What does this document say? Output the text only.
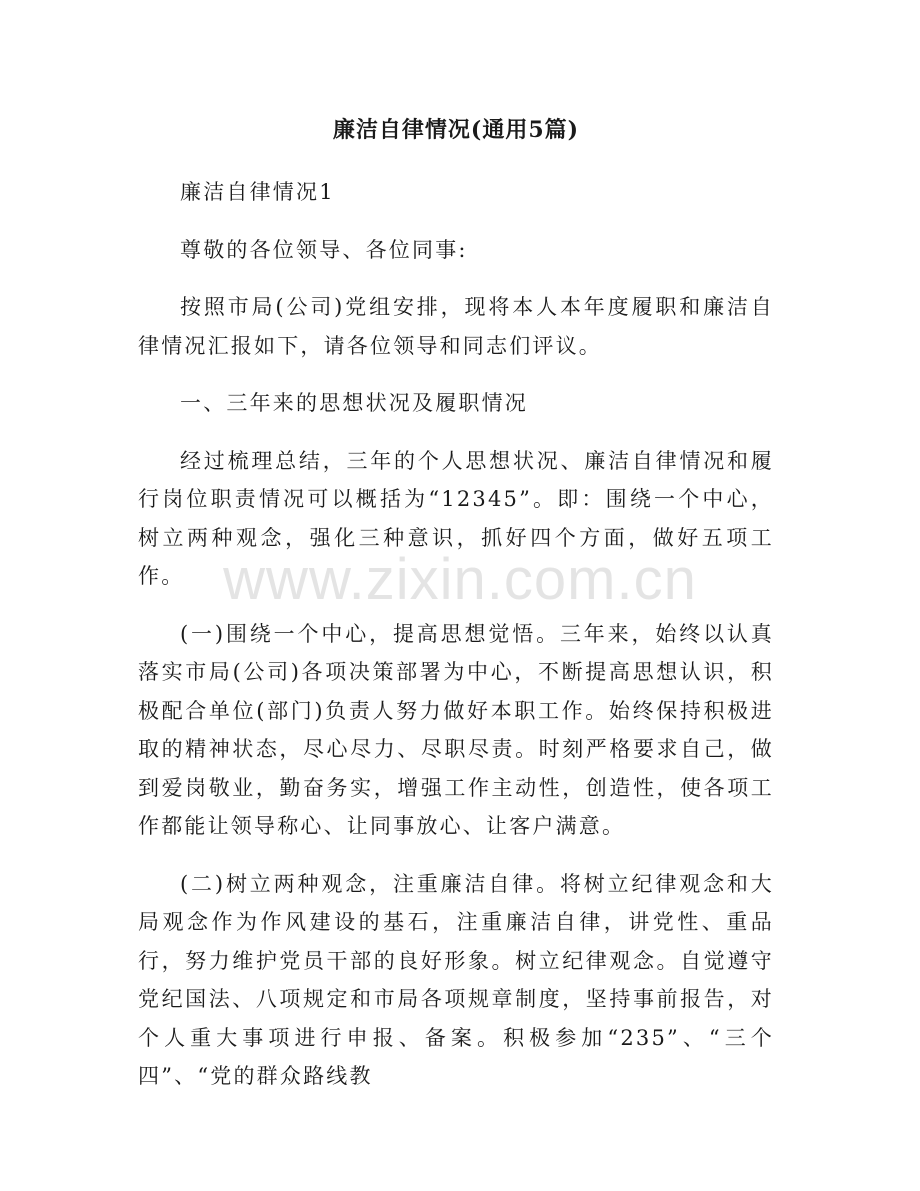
www.zixin.com.cn
廉洁自律情况(通用5篇)

廉洁自律情况1

尊敬的各位领导、各位同事:

按照市局(公司)党组安排，现将本人本年度履职和廉洁自律情况汇报如下，请各位领导和同志们评议。

一、三年来的思想状况及履职情况

经过梳理总结，三年的个人思想状况、廉洁自律情况和履行岗位职责情况可以概括为“12345”。即：围绕一个中心，树立两种观念，强化三种意识，抓好四个方面，做好五项工作。

(一)围绕一个中心，提高思想觉悟。三年来，始终以认真落实市局(公司)各项决策部署为中心，不断提高思想认识，积极配合单位(部门)负责人努力做好本职工作。始终保持积极进取的精神状态，尽心尽力、尽职尽责。时刻严格要求自己，做到爱岗敬业，勤奋务实，增强工作主动性，创造性，使各项工作都能让领导称心、让同事放心、让客户满意。

(二)树立两种观念，注重廉洁自律。将树立纪律观念和大局观念作为作风建设的基石，注重廉洁自律，讲党性、重品行，努力维护党员干部的良好形象。树立纪律观念。自觉遵守党纪国法、八项规定和市局各项规章制度，坚持事前报告，对个人重大事项进行申报、备案。积极参加“235”、“三个四”、“党的群众路线教
